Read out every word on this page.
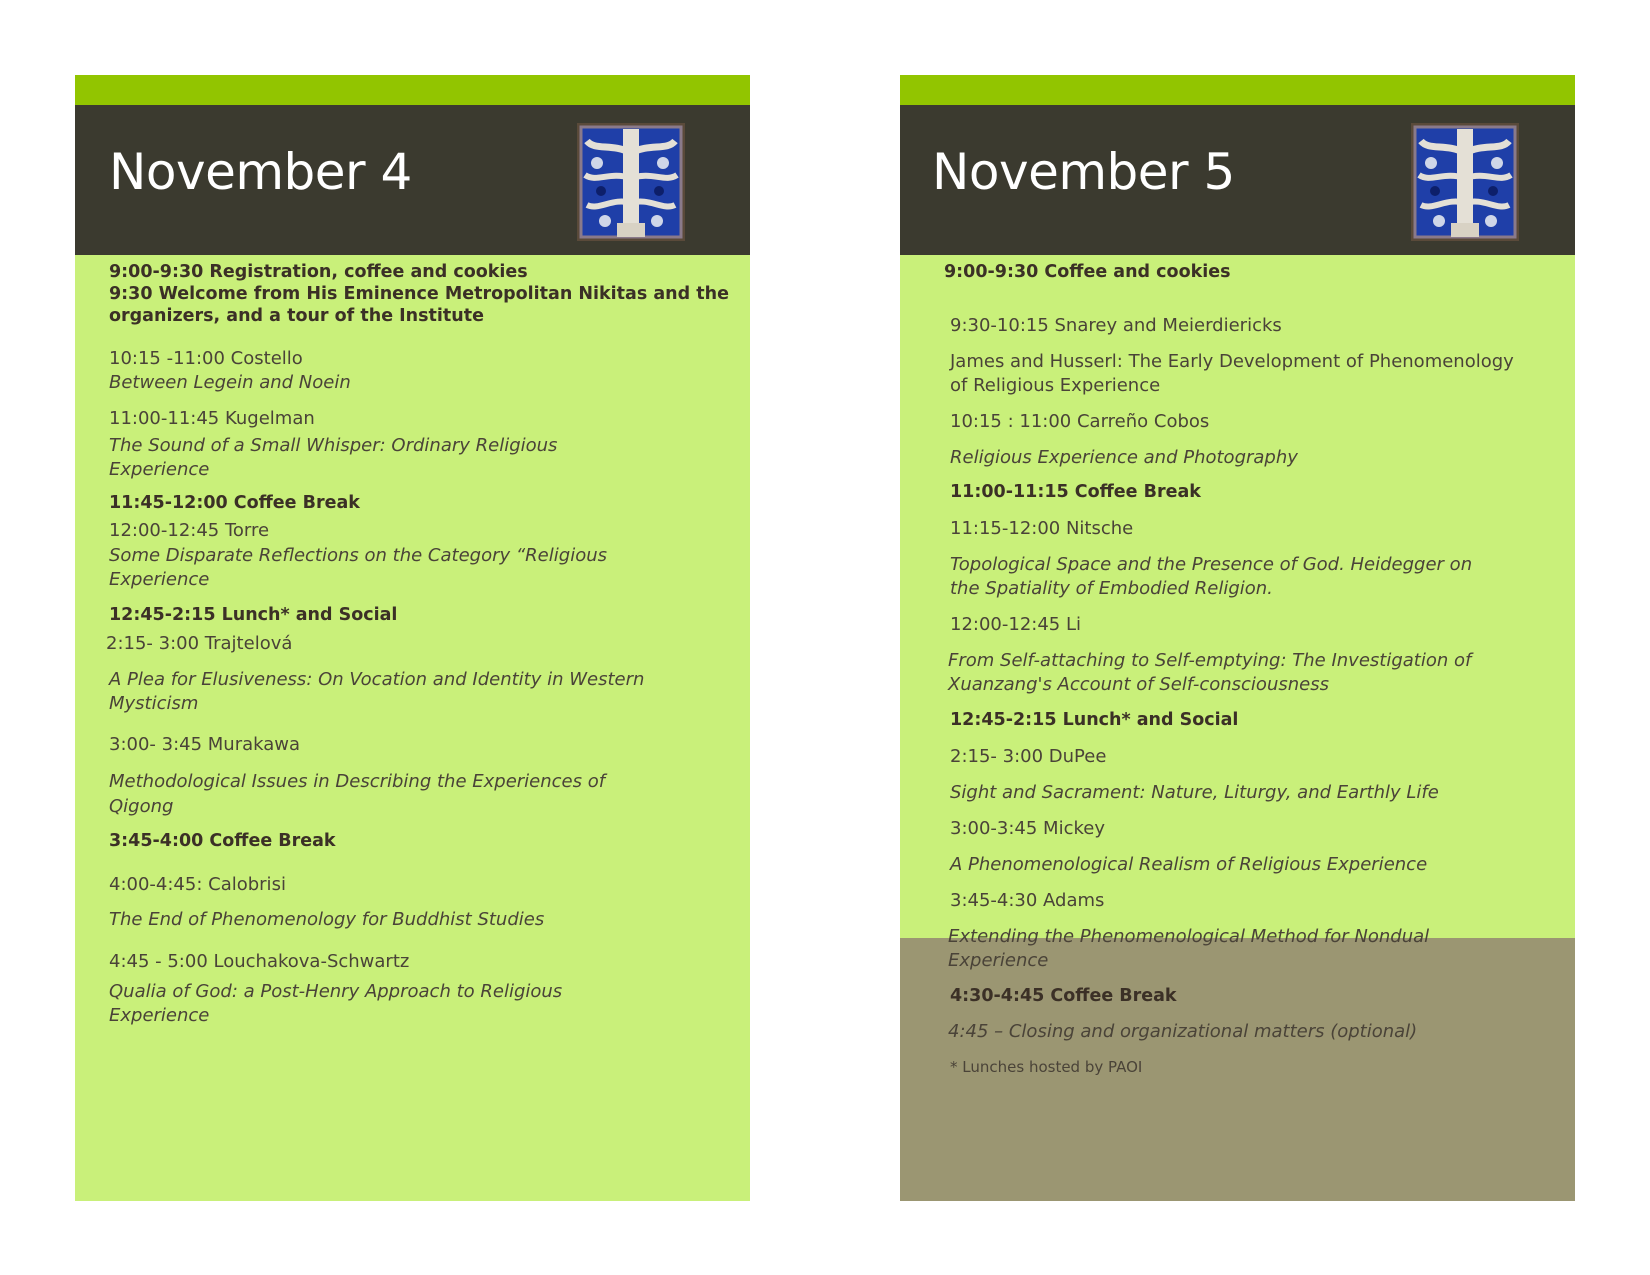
November 4

9:00-9:30 Registration, coffee and cookies

9:30 Welcome from His Eminence Metropolitan Nikitas and the

organizers, and a tour of the Institute

10:15 -11:00 Costello

Between Legein and Noein

11:00-11:45 Kugelman

The Sound of a Small Whisper: Ordinary Religious

Experience

11:45-12:00 Coffee Break

12:00-12:45 Torre

Some Disparate Reflections on the Category “Religious

Experience

12:45-2:15 Lunch* and Social

2:15- 3:00 Trajtelová

A Plea for Elusiveness: On Vocation and Identity in Western

Mysticism

3:00- 3:45 Murakawa

Methodological Issues in Describing the Experiences of

Qigong

3:45-4:00 Coffee Break

4:00-4:45: Calobrisi

The End of Phenomenology for Buddhist Studies

4:45 - 5:00 Louchakova-Schwartz

Qualia of God: a Post-Henry Approach to Religious

Experience

November 5

9:00-9:30 Coffee and cookies

9:30-10:15 Snarey and Meierdiericks

James and Husserl: The Early Development of Phenomenology

of Religious Experience

10:15 : 11:00 Carreño Cobos

Religious Experience and Photography

11:00-11:15 Coffee Break

11:15-12:00 Nitsche

Topological Space and the Presence of God. Heidegger on

the Spatiality of Embodied Religion.

12:00-12:45 Li

From Self-attaching to Self-emptying: The Investigation of

Xuanzang's Account of Self-consciousness

12:45-2:15 Lunch* and Social

2:15- 3:00 DuPee

Sight and Sacrament: Nature, Liturgy, and Earthly Life

3:00-3:45 Mickey

A Phenomenological Realism of Religious Experience

3:45-4:30 Adams

Extending the Phenomenological Method for Nondual

Experience

4:30-4:45 Coffee Break

4:45 – Closing and organizational matters (optional)

* Lunches hosted by PAOI
